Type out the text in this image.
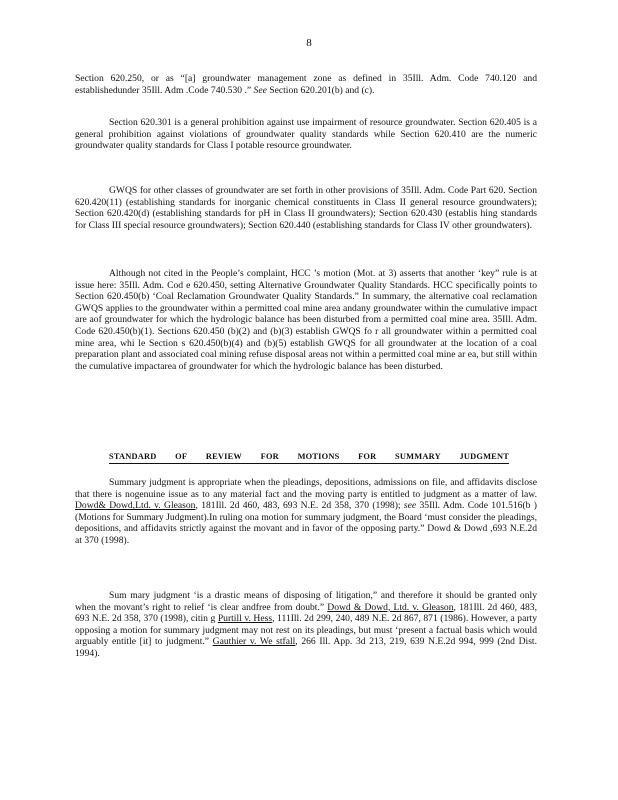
8

Section 620.250, or as “[a] groundwater management zone as defined in 35Ill. Adm. Code 740.120 and establishedunder 35Ill. Adm .Code 740.530 .” See Section 620.201(b) and (c).

Section 620.301 is a general prohibition against use impairment of resource groundwater. Section 620.405 is a general prohibition against violations of groundwater quality standards while Section 620.410 are the numeric groundwater quality standards for Class I potable resource groundwater.

GWQS for other classes of groundwater are set forth in other provisions of 35Ill. Adm. Code Part 620. Section 620.420(11) (establishing standards for inorganic chemical constituents in Class II general resource groundwaters); Section 620.420(d) (establishing standards for pH in Class II groundwaters); Section 620.430 (establis hing standards for Class III special resource groundwaters); Section 620.440 (establishing standards for Class IV other groundwaters).

Although not cited in the People’s complaint, HCC ’s motion (Mot. at 3) asserts that another ‘key” rule is at issue here: 35Ill. Adm. Cod e 620.450, setting Alternative Groundwater Quality Standards. HCC specifically points to Section 620.450(b) ‘Coal Reclamation Groundwater Quality Standards.” In summary, the alternative coal reclamation GWQS applies to the groundwater within a permitted coal mine area andany groundwater within the cumulative impact are aof groundwater for which the hydrologic balance has been disturbed from a permitted coal mine area. 35Ill. Adm. Code 620.450(b)(1). Sections 620.450 (b)(2) and (b)(3) establish GWQS fo r all groundwater within a permitted coal mine area, whi le Section s 620.450(b)(4) and (b)(5) establish GWQS for all groundwater at the location of a coal preparation plant and associated coal mining refuse disposal areas not within a permitted coal mine ar ea, but still within the cumulative impactarea of groundwater for which the hydrologic balance has been disturbed.

STANDARD OF REVIEW FOR MOTIONS FOR SUMMARY JUDGMENT

Summary judgment is appropriate when the pleadings, depositions, admissions on file, and affidavits disclose that there is nogenuine issue as to any material fact and the moving party is entitled to judgment as a matter of law. Dowd& Dowd,Ltd. v. Gleason, 181Ill. 2d 460, 483, 693 N.E. 2d 358, 370 (1998); see 35Ill. Adm. Code 101.516(b ) (Motions for Summary Judgment).In ruling ona motion for summary judgment, the Board ‘must consider the pleadings, depositions, and affidavits strictly against the movant and in favor of the opposing party.” Dowd & Dowd ,693 N.E.2d at 370 (1998).

Sum mary judgment ‘is a drastic means of disposing of litigation,” and therefore it should be granted only when the movant’s right to relief ‘is clear andfree from doubt.” Dowd & Dowd, Ltd. v. Gleason, 181Ill. 2d 460, 483, 693 N.E. 2d 358, 370 (1998), citin g Purtill v. Hess, 111Ill. 2d 299, 240, 489 N.E. 2d 867, 871 (1986). However, a party opposing a motion for summary judgment may not rest on its pleadings, but must ‘present a factual basis which would arguably entitle [it] to judgment.” Gauthier v. We stfall, 266 Ill. App. 3d 213, 219, 639 N.E.2d 994, 999 (2nd Dist. 1994).
